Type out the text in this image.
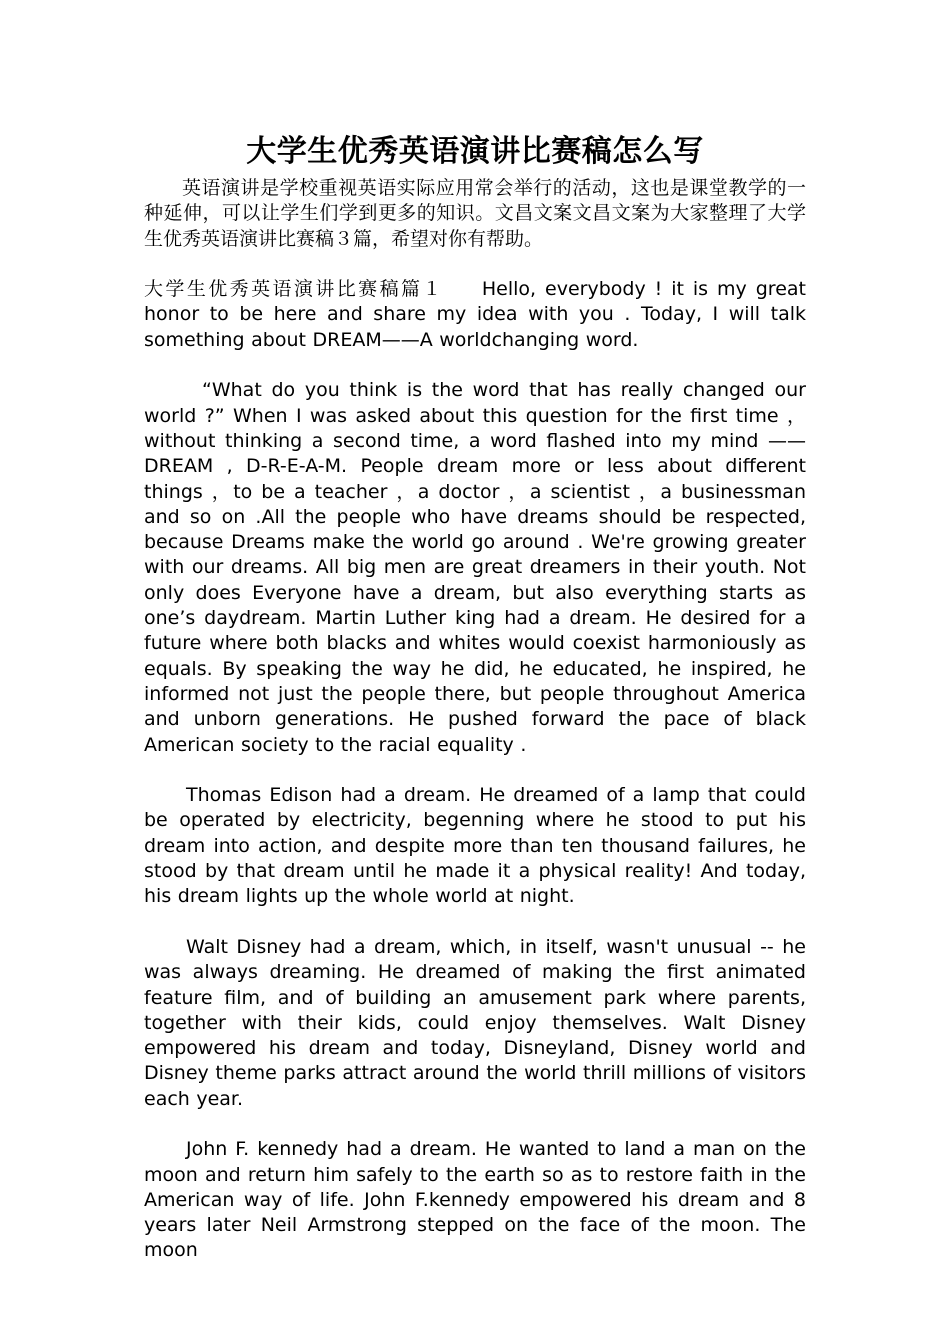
大学生优秀英语演讲比赛稿怎么写

英语演讲是学校重视英语实际应用常会举行的活动，这也是课堂教学的一种延伸，可以让学生们学到更多的知识。文昌文案文昌文案为大家整理了大学生优秀英语演讲比赛稿３篇，希望对你有帮助。

大学生优秀英语演讲比赛稿篇１ Hello, everybody ! it is my great honor to be here and share my idea with you . Today, I will talk something about DREAM——A worldchanging word.

“What do you think is the word that has really changed our world ?” When I was asked about this question for the first time ，without thinking a second time, a word flashed into my mind ——DREAM , D-R-E-A-M. People dream more or less about different things ，to be a teacher ，a doctor ，a scientist ，a businessman and so on .All the people who have dreams should be respected, because Dreams make the world go around . We're growing greater with our dreams. All big men are great dreamers in their youth. Not only does Everyone have a dream, but also everything starts as one’s daydream. Martin Luther king had a dream. He desired for a future where both blacks and whites would coexist harmoniously as equals. By speaking the way he did, he educated, he inspired, he informed not just the people there, but people throughout America and unborn generations. He pushed forward the pace of black American society to the racial equality .

Thomas Edison had a dream. He dreamed of a lamp that could be operated by electricity, begenning where he stood to put his dream into action, and despite more than ten thousand failures, he stood by that dream until he made it a physical reality! And today, his dream lights up the whole world at night.

Walt Disney had a dream, which, in itself, wasn't unusual -- he was always dreaming. He dreamed of making the first animated feature film, and of building an amusement park where parents, together with their kids, could enjoy themselves. Walt Disney empowered his dream and today, Disneyland, Disney world and Disney theme parks attract around the world thrill millions of visitors each year.

John F. kennedy had a dream. He wanted to land a man on the moon and return him safely to the earth so as to restore faith in the American way of life. John F.kennedy empowered his dream and 8 years later Neil Armstrong stepped on the face of the moon. The moon
